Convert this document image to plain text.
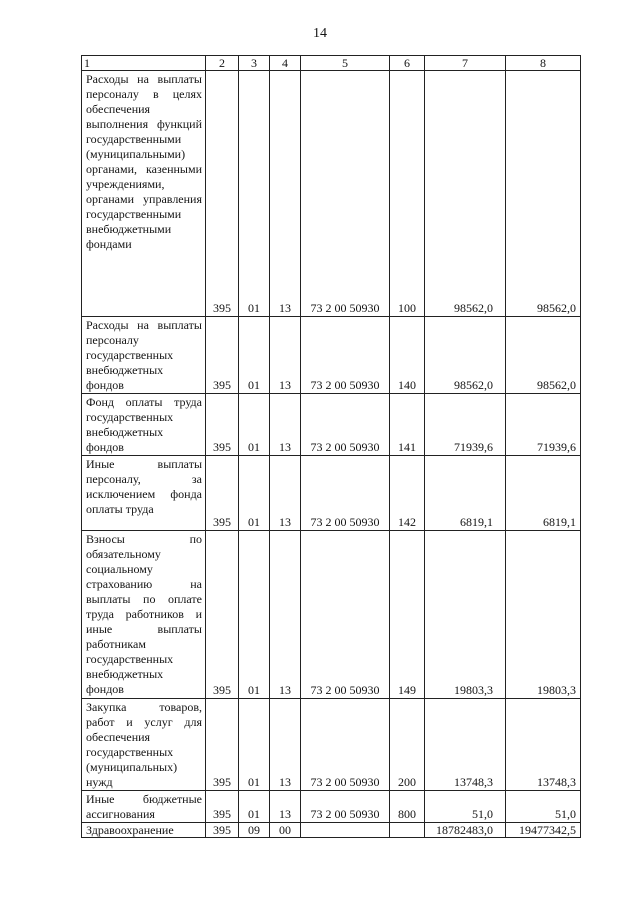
14
1	2	3	4	5	6	7	8
Расходы на выплаты персоналу в целях обеспечения выполнения функций государственными (муниципальными) органами, казенными учреждениями, органами управления государственными внебюджетными фондами	395	01	13	73 2 00 50930	100	98562,0	98562,0
Расходы на выплаты персоналу государственных внебюджетных фондов	395	01	13	73 2 00 50930	140	98562,0	98562,0
Фонд оплаты труда государственных внебюджетных фондов	395	01	13	73 2 00 50930	141	71939,6	71939,6
Иные выплаты персоналу, за исключением фонда оплаты труда	395	01	13	73 2 00 50930	142	6819,1	6819,1
Взносы по обязательному социальному страхованию на выплаты по оплате труда работников и иные выплаты работникам государственных внебюджетных фондов	395	01	13	73 2 00 50930	149	19803,3	19803,3
Закупка товаров, работ и услуг для обеспечения государственных (муниципальных) нужд	395	01	13	73 2 00 50930	200	13748,3	13748,3
Иные бюджетные ассигнования	395	01	13	73 2 00 50930	800	51,0	51,0
Здравоохранение	395	09	00			18782483,0	19477342,5
